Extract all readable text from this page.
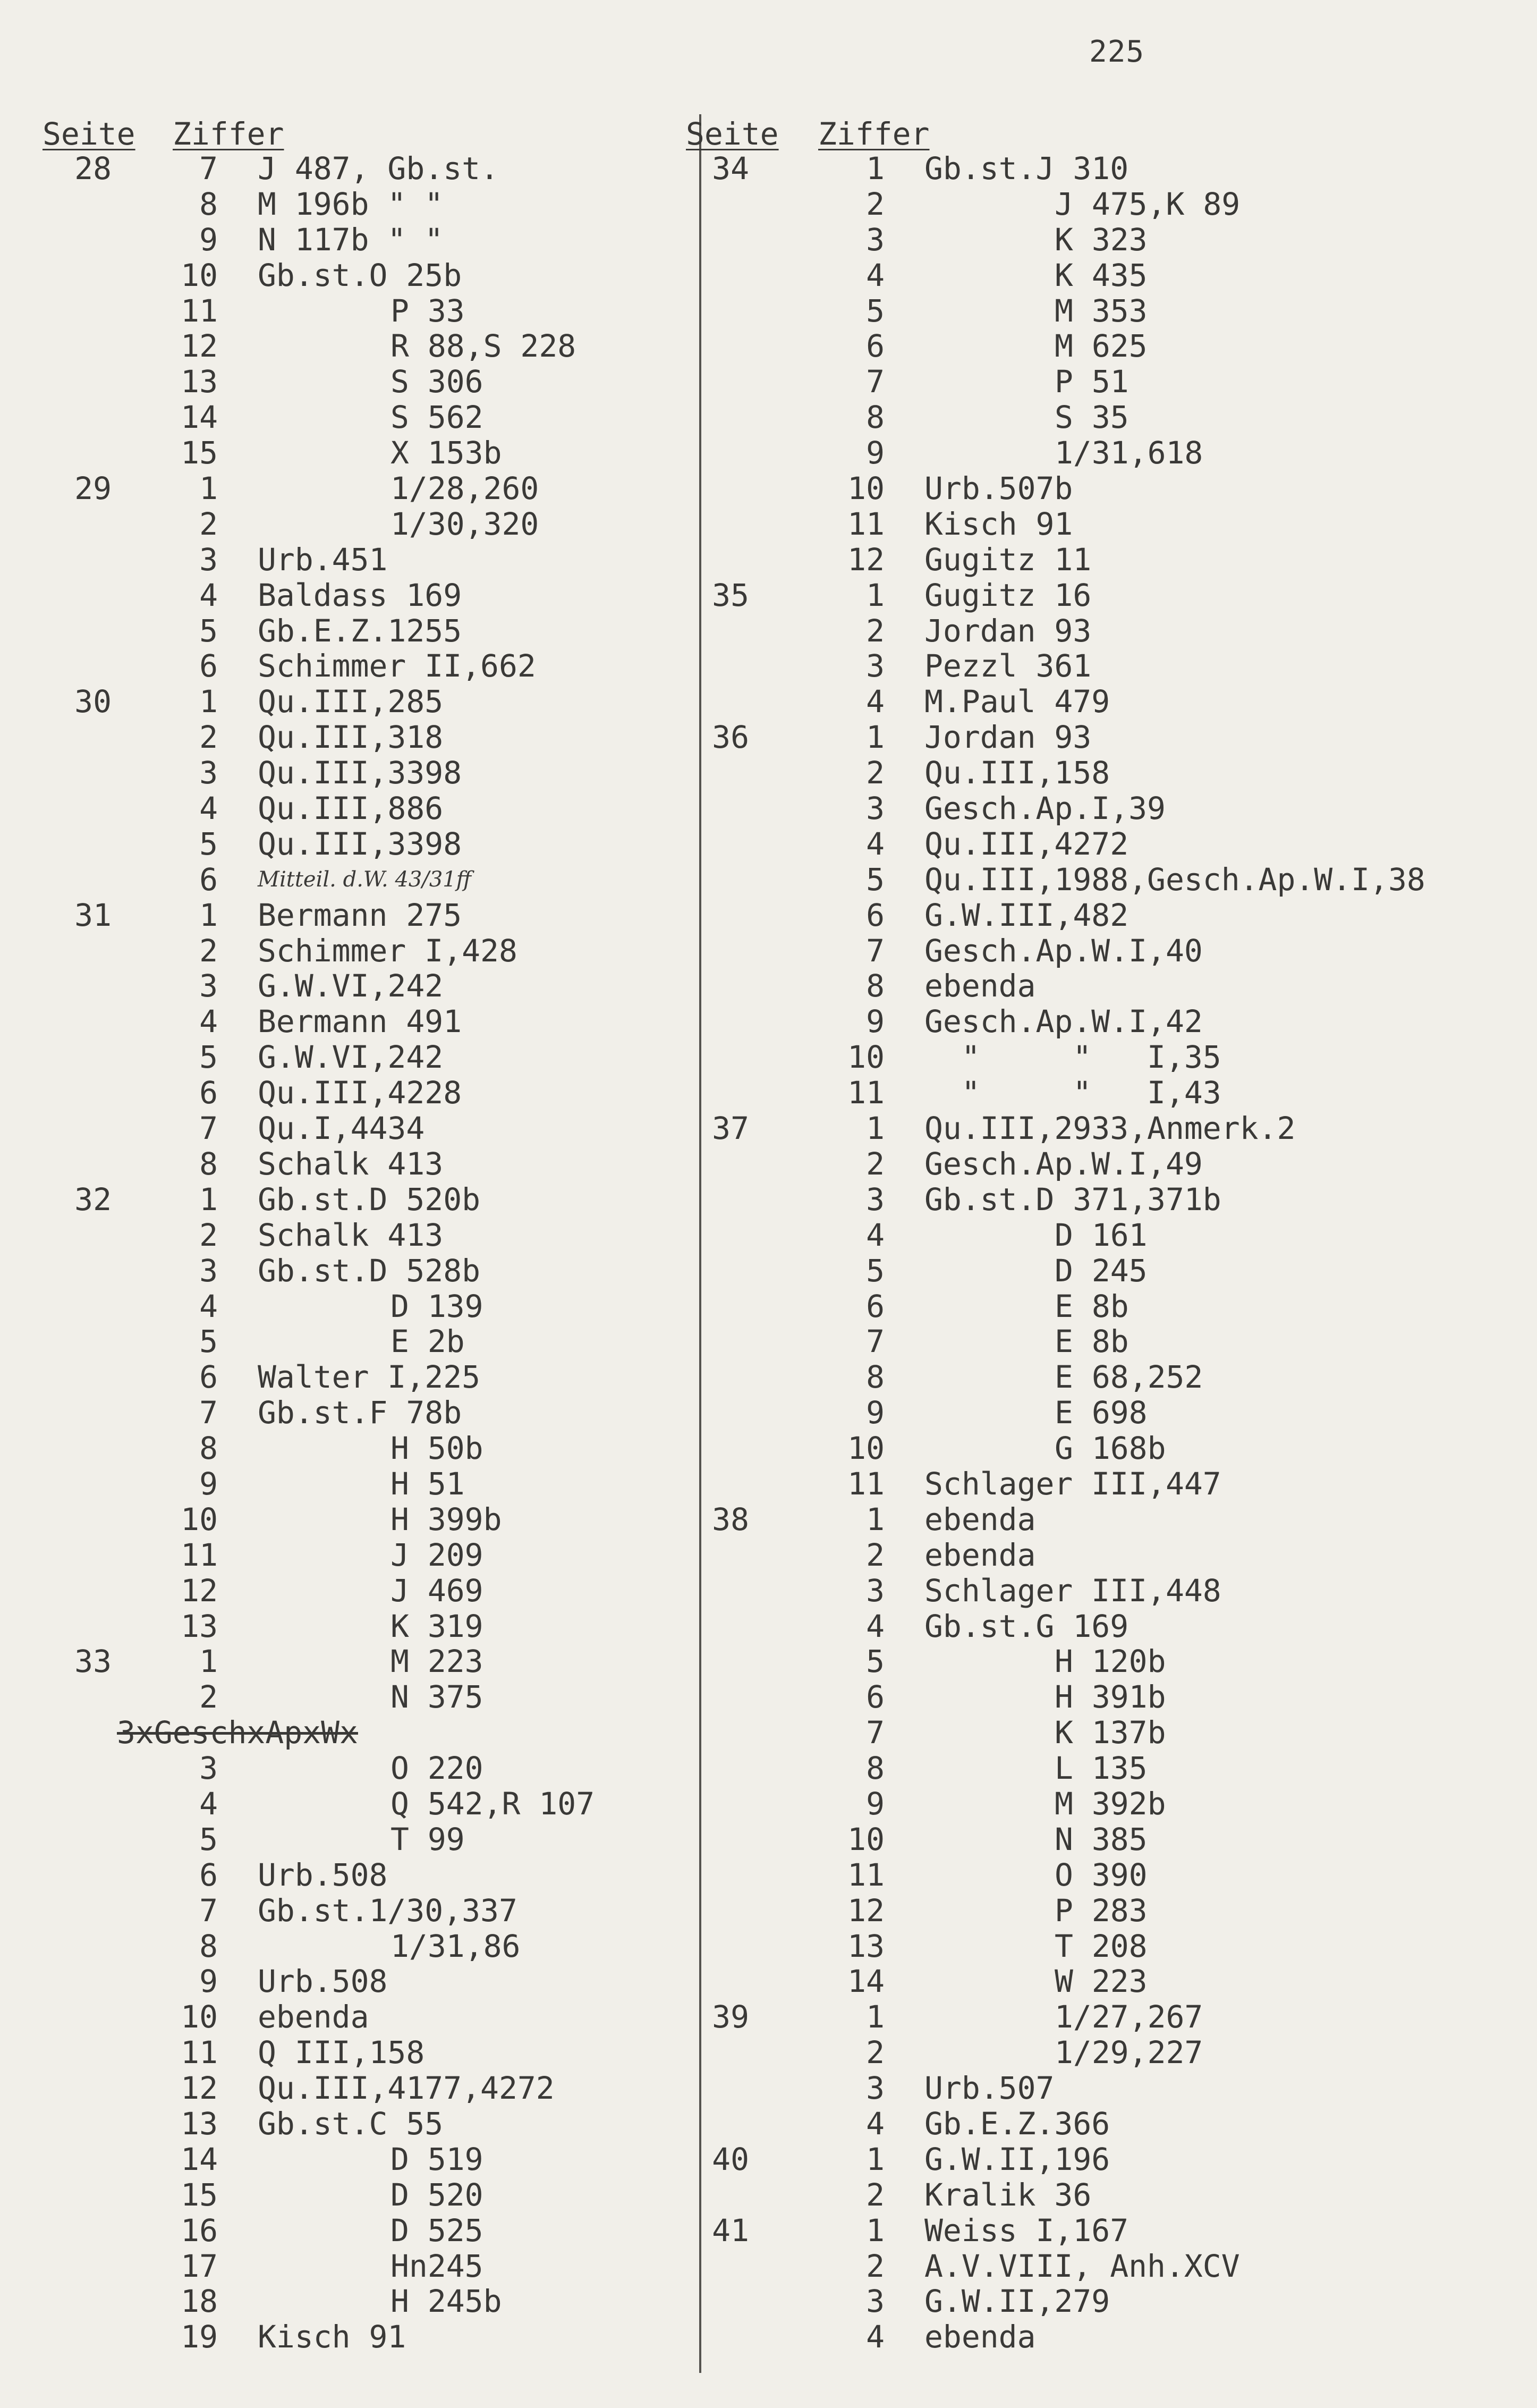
225
Seite Ziffer
28	7 J 487, Gb.st.
8 M 196b " "
9 N 117b " "
10 Gb.st.O 25b
11	P 33
12	R 88,S 228
13	S 306
14	S 562
15	X 153b
29	1	1/28,260
2	1/30,320
3 Urb.451
4 Baldass 169
5 Gb.E.Z.1255
6 Schimmer II,662
30	1 Qu.III,285
2 Qu.III,318
3 Qu.III,3398
4 Qu.III,886
5 Qu.III,3398
6 Mitteil. d.W. 43/31ff
31	1 Bermann 275
2 Schimmer I,428
3 G.W.VI,242
4 Bermann 491
5 G.W.VI,242
6 Qu.III,4228
7 Qu.I,4434
8 Schalk 413
32	1 Gb.st.D 520b
2 Schalk 413
3 Gb.st.D 528b
4	D 139
5	E 2b
6 Walter I,225
7 Gb.st.F 78b
8	H 50b
9	H 51
10	H 399b
11	J 209
12	J 469
13	K 319
33	1	M 223
2	N 375
3xGeschxApxWx
3	O 220
4	Q 542,R 107
5	T 99
6 Urb.508
7 Gb.st.1/30,337
8	1/31,86
9 Urb.508
10 ebenda
11 Q III,158
12 Qu.III,4177,4272
13 Gb.st.C 55
14	D 519
15	D 520
16	D 525
17	Hn245
18	H 245b
19 Kisch 91
Seite Ziffer
34	1 Gb.st.J 310
2	J 475,K 89
3	K 323
4	K 435
5	M 353
6	M 625
7	P 51
8	S 35
9	1/31,618
10 Urb.507b
11 Kisch 91
12 Gugitz 11
35	1 Gugitz 16
2 Jordan 93
3 Pezzl 361
4 M.Paul 479
36	1 Jordan 93
2 Qu.III,158
3 Gesch.Ap.I,39
4 Qu.III,4272
5 Qu.III,1988,Gesch.Ap.W.I,38
6 G.W.III,482
7 Gesch.Ap.W.I,40
8 ebenda
9 Gesch.Ap.W.I,42
10 "     "   I,35
11 "     "   I,43
37	1 Qu.III,2933,Anmerk.2
2 Gesch.Ap.W.I,49
3 Gb.st.D 371,371b
4	D 161
5	D 245
6	E 8b
7	E 8b
8	E 68,252
9	E 698
10	G 168b
11 Schlager III,447
38	1 ebenda
2 ebenda
3 Schlager III,448
4 Gb.st.G 169
5	H 120b
6	H 391b
7	K 137b
8	L 135
9	M 392b
10	N 385
11	O 390
12	P 283
13	T 208
14	W 223
39	1	1/27,267
2	1/29,227
3 Urb.507
4 Gb.E.Z.366
40	1 G.W.II,196
2 Kralik 36
41	1 Weiss I,167
2 A.V.VIII, Anh.XCV
3 G.W.II,279
4 ebenda
